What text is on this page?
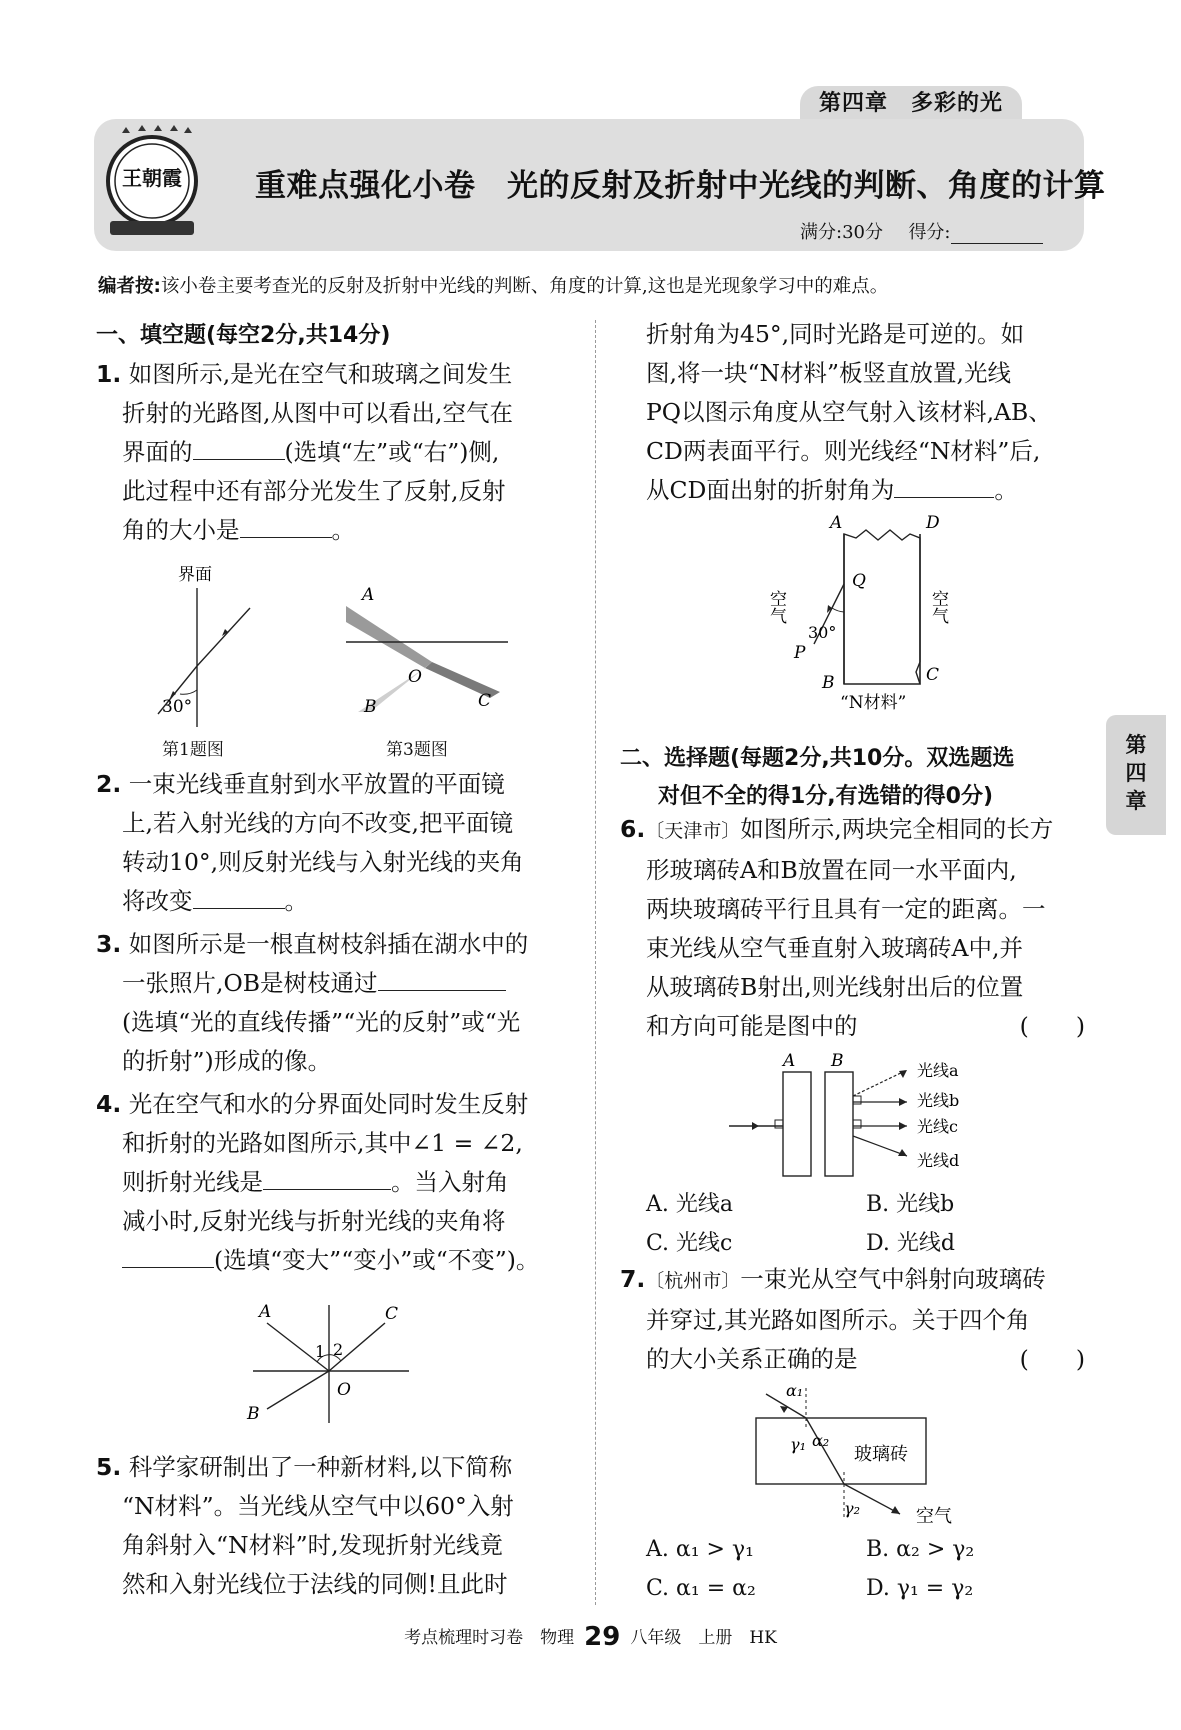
第四章　多彩的光
王朝霞 重难点强化小卷　光的反射及折射中光线的判断、角度的计算
满分:30分 得分:
编者按:该小卷主要考查光的反射及折射中光线的判断、角度的计算,这也是光现象学习中的难点。
一、填空题(每空2分,共14分)
1. 如图所示,是光在空气和玻璃之间发生
折射的光路图,从图中可以看出,空气在
界面的	(选填“左”或“右”)侧,
此过程中还有部分光发生了反射,反射
角的大小是	。
界面
30°
第1题图
A
O
B	C
第3题图
2. 一束光线垂直射到水平放置的平面镜
上,若入射光线的方向不改变,把平面镜
转动10°,则反射光线与入射光线的夹角
将改变	。
3. 如图所示是一根直树枝斜插在湖水中的
一张照片,OB是树枝通过
(选填“光的直线传播”“光的反射”或“光
的折射”)形成的像。
4. 光在空气和水的分界面处同时发生反射
和折射的光路如图所示,其中∠1 = ∠2,
则折射光线是	。当入射角
减小时,反射光线与折射光线的夹角将
(选填“变大”“变小”或“不变”)。
A	C
B
O
1 2
5. 科学家研制出了一种新材料,以下简称
“N材料”。当光线从空气中以60°入射
角斜射入“N材料”时,发现折射光线竟
然和入射光线位于法线的同侧!且此时
折射角为45°,同时光路是可逆的。如
图,将一块“N材料”板竖直放置,光线
PQ以图示角度从空气射入该材料,AB、
CD两表面平行。则光线经“N材料”后,
从CD面出射的折射角为	。
A	D
Q
空气	空气
30°
P
B	C
“N材料”
二、选择题(每题2分,共10分。双选题选
对但不全的得1分,有选错的得0分)
6.〔天津市〕如图所示,两块完全相同的长方
形玻璃砖A和B放置在同一水平面内,
两块玻璃砖平行且具有一定的距离。一
束光线从空气垂直射入玻璃砖A中,并
从玻璃砖B射出,则光线射出后的位置
和方向可能是图中的	(　　)
A B	光线a
光线b
光线c
光线d
A. 光线a	B. 光线b
C. 光线c	D. 光线d
7.〔杭州市〕一束光从空气中斜射向玻璃砖
并穿过,其光路如图所示。关于四个角
的大小关系正确的是	(　　)
α₁
γ₁ α₂
玻璃砖
γ₂	空气
A. α₁ > γ₁	B. α₂ > γ₂
C. α₁ = α₂	D. γ₁ = γ₂
第
四
章
考点梳理时习卷　物理 29 八年级　上册　HK
